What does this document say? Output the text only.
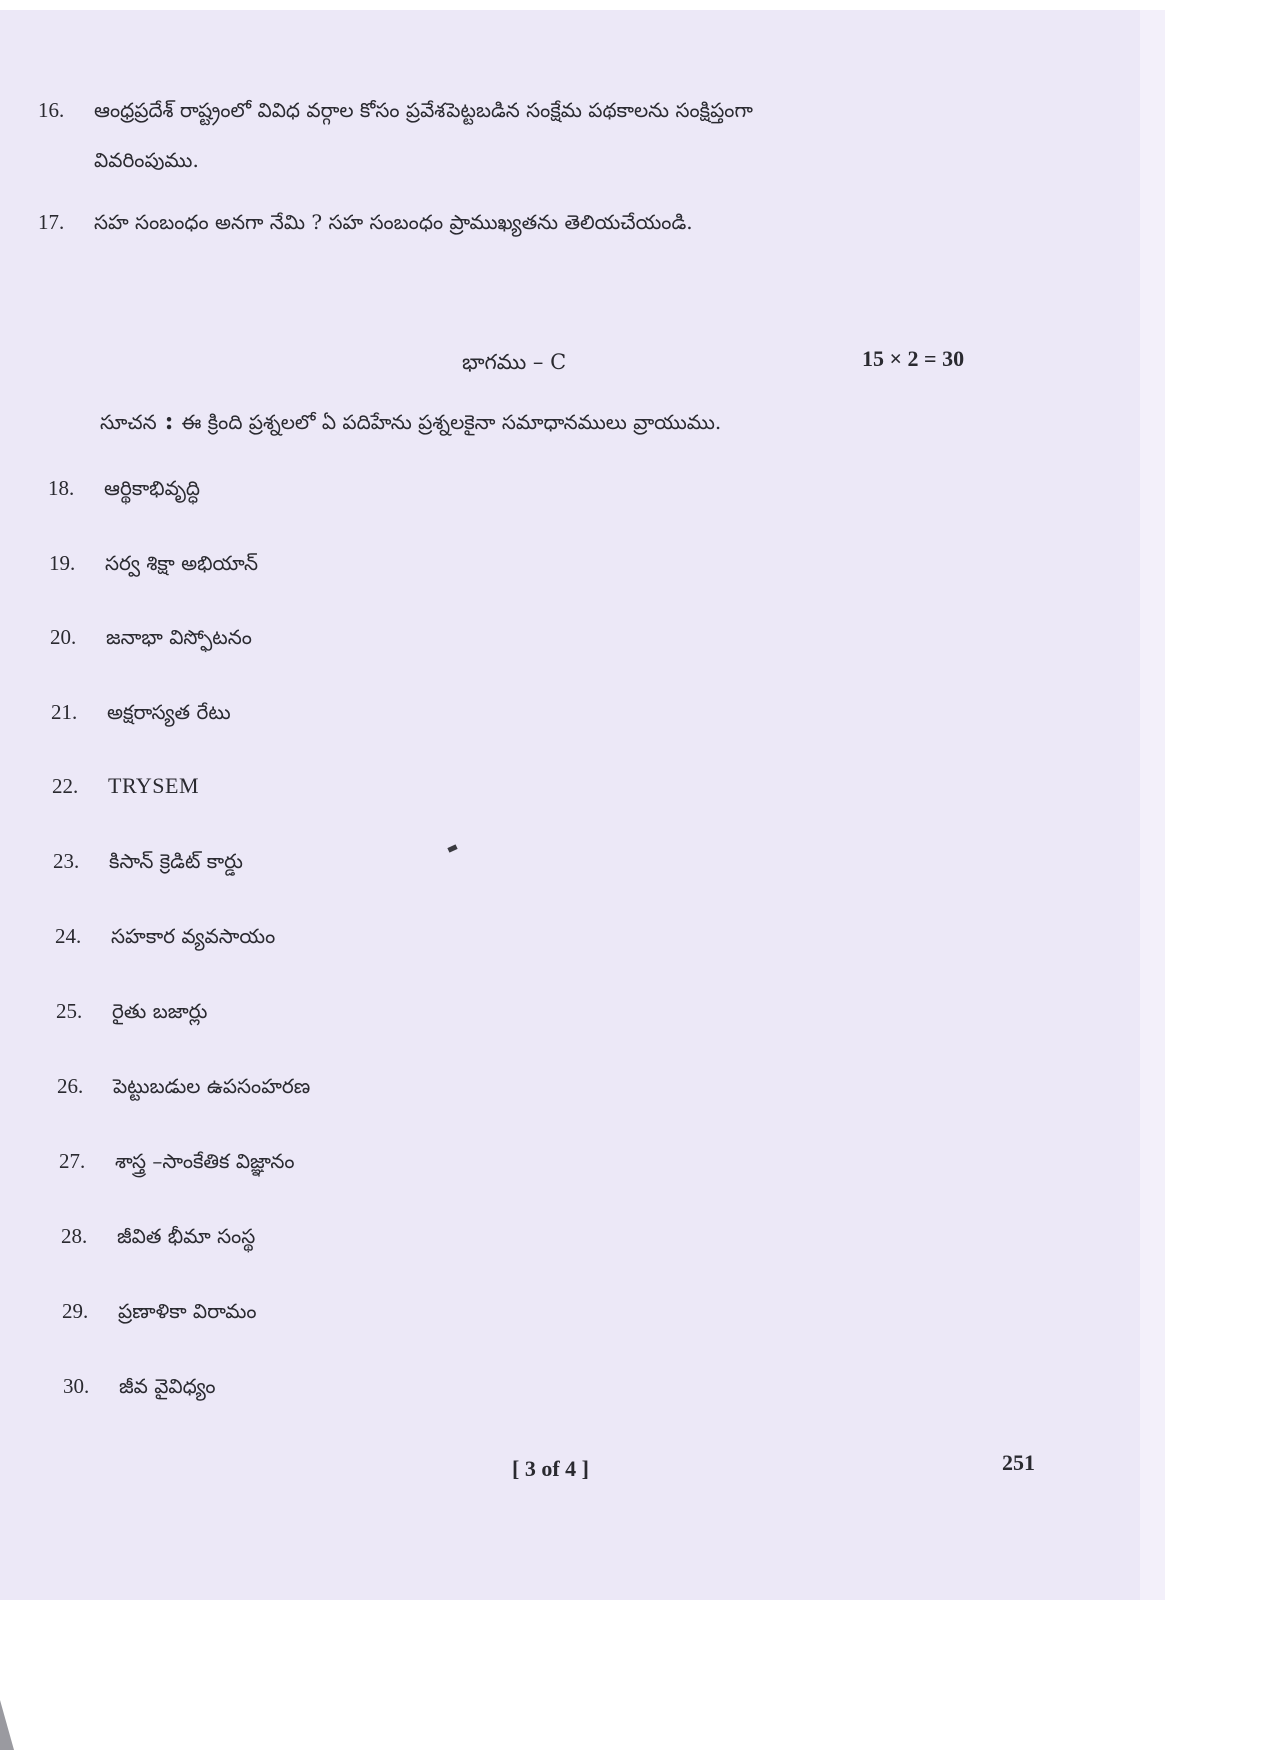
16. ఆంధ్రప్రదేశ్ రాష్ట్రంలో వివిధ వర్గాల కోసం ప్రవేశపెట్టబడిన సంక్షేమ పథకాలను సంక్షిప్తంగా
వివరింపుము.
17. సహ సంబంధం అనగా నేమి ? సహ సంబంధం ప్రాముఖ్యతను తెలియచేయండి.
భాగము – C	15 × 2 = 30
సూచన : ఈ క్రింది ప్రశ్నలలో ఏ పదిహేను ప్రశ్నలకైనా సమాధానములు వ్రాయుము.
18. ఆర్థికాభివృద్ధి
19. సర్వ శిక్షా అభియాన్
20. జనాభా విస్ఫోటనం
21. అక్షరాస్యత రేటు
22. TRYSEM
23. కిసాన్ క్రెడిట్ కార్డు
24. సహకార వ్యవసాయం
25. రైతు బజార్లు
26. పెట్టుబడుల ఉపసంహరణ
27. శాస్త్ర –సాంకేతిక విజ్ఞానం
28. జీవిత భీమా సంస్థ
29. ప్రణాళికా విరామం
30. జీవ వైవిధ్యం
[ 3 of 4 ]	251
